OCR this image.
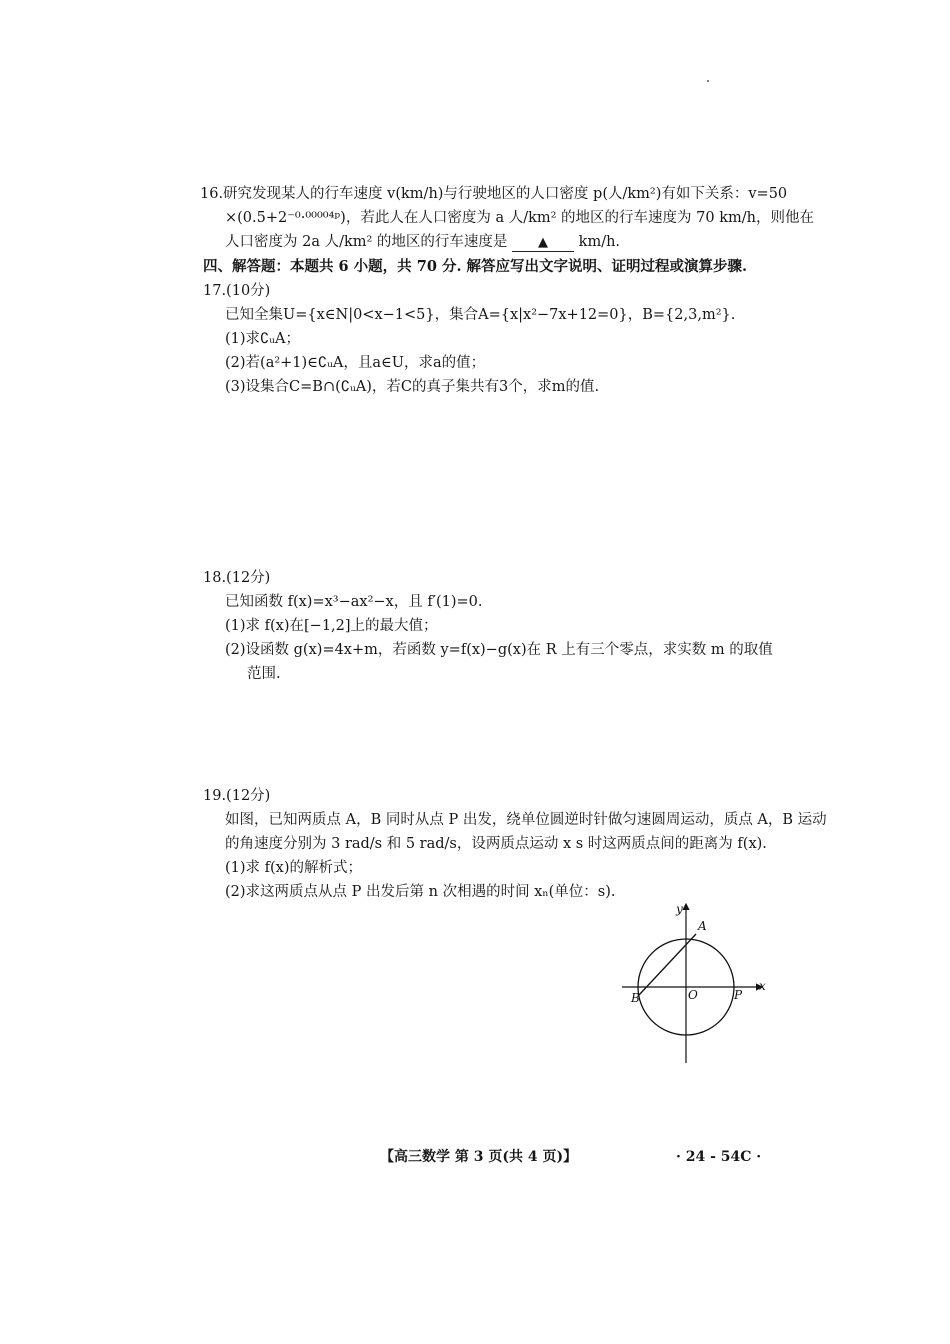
16.研究发现某人的行车速度 v(km/h)与行驶地区的人口密度 p(人/km²)有如下关系：v=50
×(0.5+2⁻⁰·⁰⁰⁰⁰⁴ᵖ)，若此人在人口密度为 a 人/km² 的地区的行车速度为 70 km/h，则他在
人口密度为 2a 人/km² 的地区的行车速度是 ▲ km/h.
四、解答题：本题共 6 小题，共 70 分. 解答应写出文字说明、证明过程或演算步骤.
17.(10分)
已知全集U={x∈N|0<x−1<5}，集合A={x|x²−7x+12=0}，B={2,3,m²}.
(1)求∁ᵤA；
(2)若(a²+1)∈∁ᵤA，且a∈U，求a的值；
(3)设集合C=B∩(∁ᵤA)，若C的真子集共有3个，求m的值.
18.(12分)
已知函数 f(x)=x³−ax²−x，且 f′(1)=0.
(1)求 f(x)在[−1,2]上的最大值；
(2)设函数 g(x)=4x+m，若函数 y=f(x)−g(x)在 R 上有三个零点，求实数 m 的取值
范围.
19.(12分)
如图，已知两质点 A，B 同时从点 P 出发，绕单位圆逆时针做匀速圆周运动，质点 A，B 运动
的角速度分别为 3 rad/s 和 5 rad/s，设两质点运动 x s 时这两质点间的距离为 f(x).
(1)求 f(x)的解析式；
(2)求这两质点从点 P 出发后第 n 次相遇的时间 xₙ(单位：s).
y
x
A
B	O	P
【高三数学 第 3 页(共 4 页)】	· 24 - 54C ·
